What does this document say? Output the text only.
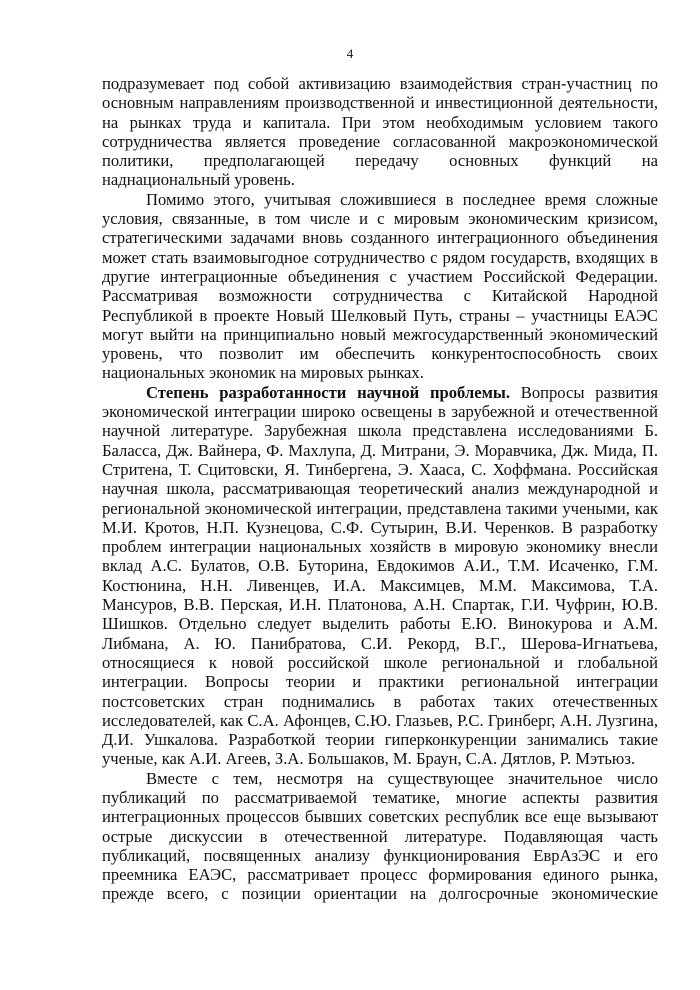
4

подразумевает под собой активизацию взаимодействия стран-участниц по основным направлениям производственной и инвестиционной деятельности, на рынках труда и капитала. При этом необходимым условием такого сотрудничества является проведение согласованной макроэкономической политики, предполагающей передачу основных функций на наднациональный уровень.

Помимо этого, учитывая сложившиеся в последнее время сложные условия, связанные, в том числе и с мировым экономическим кризисом, стратегическими задачами вновь созданного интеграционного объединения может стать взаимовыгодное сотрудничество с рядом государств, входящих в другие интеграционные объединения с участием Российской Федерации. Рассматривая возможности сотрудничества с Китайской Народной Республикой в проекте Новый Шелковый Путь, страны – участницы ЕАЭС могут выйти на принципиально новый межгосударственный экономический уровень, что позволит им обеспечить конкурентоспособность своих национальных экономик на мировых рынках.

Степень разработанности научной проблемы. Вопросы развития экономической интеграции широко освещены в зарубежной и отечественной научной литературе. Зарубежная школа представлена исследованиями Б. Баласса, Дж. Вайнера, Ф. Махлупа, Д. Митрани, Э. Моравчика, Дж. Мида, П. Стритена, Т. Сцитовски, Я. Тинбергена, Э. Хааса, С. Хоффмана. Российская научная школа, рассматривающая теоретический анализ международной и региональной экономической интеграции, представлена такими учеными, как М.И. Кротов, Н.П. Кузнецова, С.Ф. Сутырин, В.И. Черенков. В разработку проблем интеграции национальных хозяйств в мировую экономику внесли вклад А.С. Булатов, О.В. Буторина, Евдокимов А.И., Т.М. Исаченко, Г.М. Костюнина, Н.Н. Ливенцев, И.А. Максимцев, М.М. Максимова, Т.А. Мансуров, В.В. Перская, И.Н. Платонова, А.Н. Спартак, Г.И. Чуфрин, Ю.В. Шишков. Отдельно следует выделить работы Е.Ю. Винокурова и А.М. Либмана, А. Ю. Панибратова, С.И. Рекорд, В.Г., Шерова-Игнатьева, относящиеся к новой российской школе региональной и глобальной интеграции. Вопросы теории и практики региональной интеграции постсоветских стран поднимались в работах таких отечественных исследователей, как С.А. Афонцев, С.Ю. Глазьев, Р.С. Гринберг, А.Н. Лузгина, Д.И. Ушкалова. Разработкой теории гиперконкуренции занимались такие ученые, как А.И. Агеев, З.А. Большаков, М. Браун, С.А. Дятлов, Р. Мэтьюз.

Вместе с тем, несмотря на существующее значительное число публикаций по рассматриваемой тематике, многие аспекты развития интеграционных процессов бывших советских республик все еще вызывают острые дискуссии в отечественной литературе. Подавляющая часть публикаций, посвященных анализу функционирования ЕврАзЭС и его преемника ЕАЭС, рассматривает процесс формирования единого рынка, прежде всего, с позиции ориентации на долгосрочные экономические
